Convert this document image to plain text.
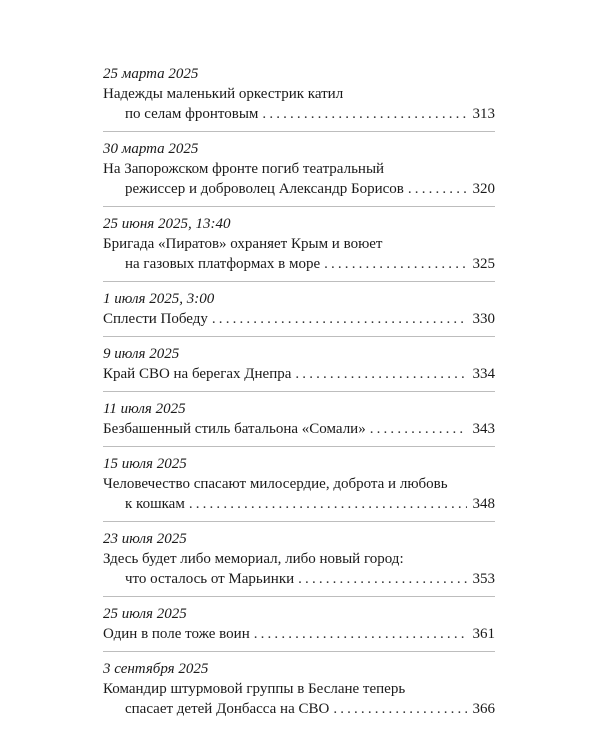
25 марта 2025
Надежды маленький оркестрик катил
по селам фронтовым . . .	313
30 марта 2025
На Запорожском фронте погиб театральный
режиссер и доброволец Александр Борисов . . .	320
25 июня 2025, 13:40
Бригада «Пиратов» охраняет Крым и воюет
на газовых платформах в море . . .	325
1 июля 2025, 3:00
Сплести Победу . . .	330
9 июля 2025
Край СВО на берегах Днепра . . .	334
11 июля 2025
Безбашенный стиль батальона «Сомали» . . .	343
15 июля 2025
Человечество спасают милосердие, доброта и любовь
к кошкам . . .	348
23 июля 2025
Здесь будет либо мемориал, либо новый город:
что осталось от Марьинки . . .	353
25 июля 2025
Один в поле тоже воин . . .	361
3 сентября 2025
Командир штурмовой группы в Беслане теперь
спасает детей Донбасса на СВО . . .	366
